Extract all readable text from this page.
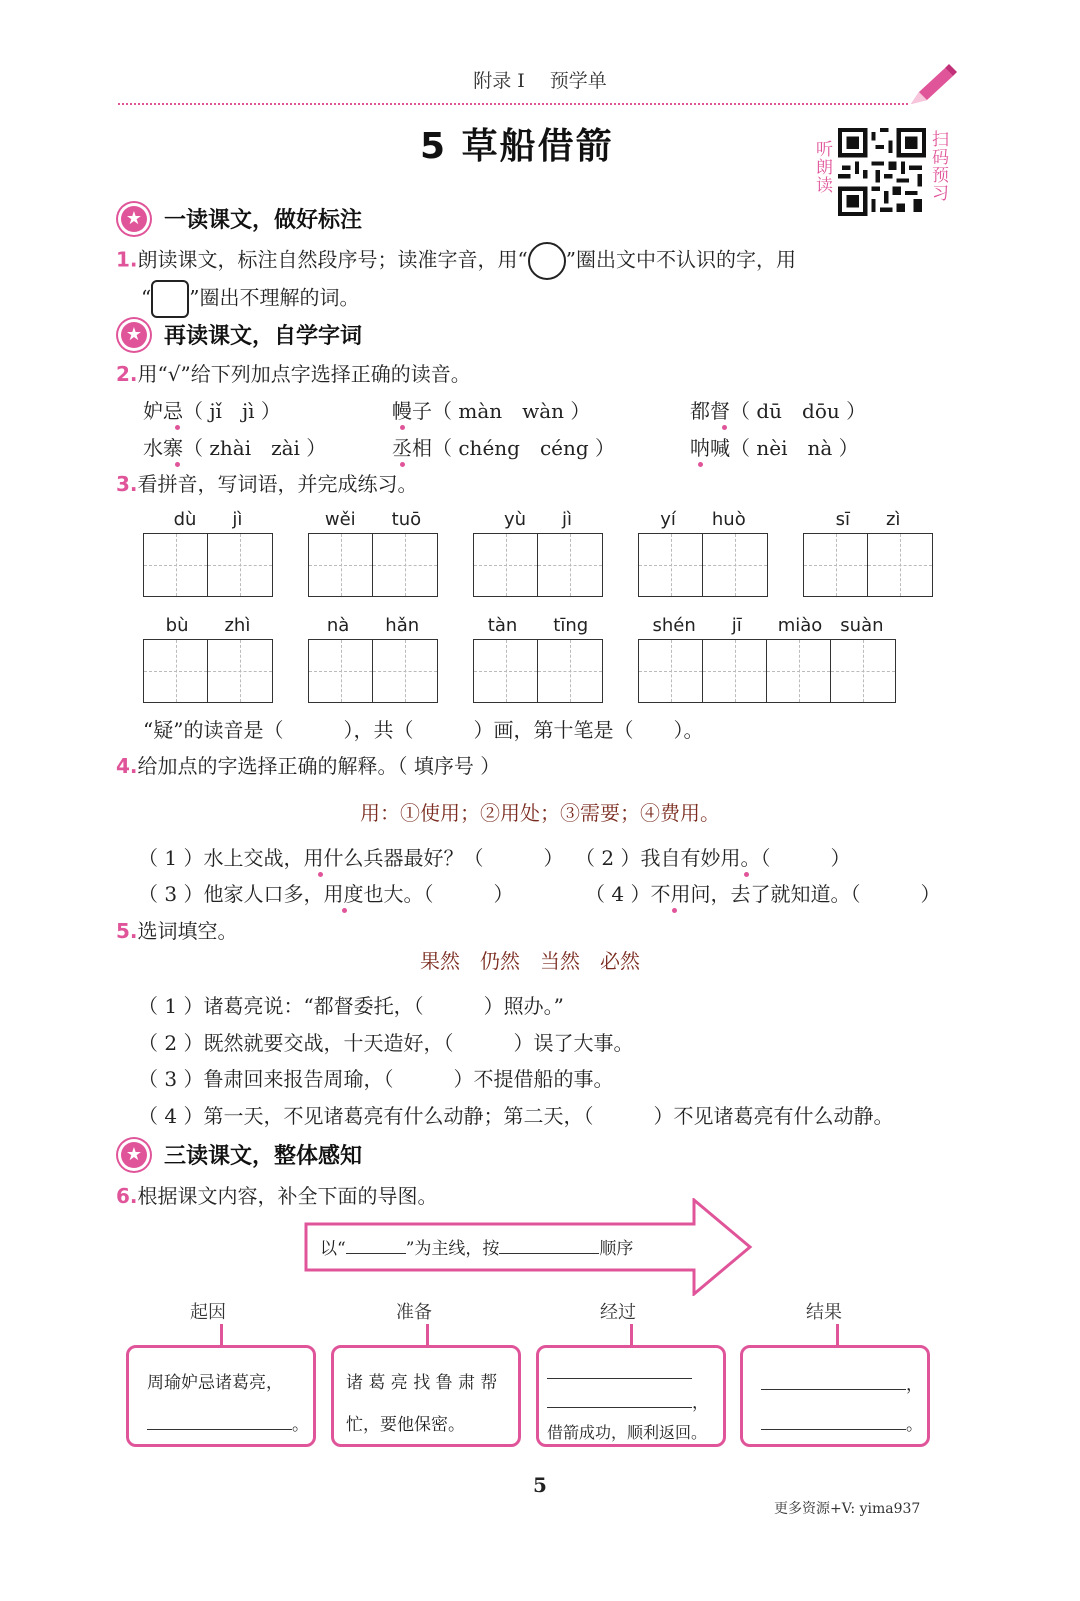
附录 I　 预学单
5 草船借箭	听朗读	扫码预习
★ 一读课文，做好标注
1.朗读课文，标注自然段序号；读准字音，用“○”圈出文中不认识的字，用
“ ”圈出不理解的词。
★ 再读课文，自学字词
2.用“√”给下列加点字选择正确的读音。
妒忌（ jǐ　jì ）	幔子（ màn　wàn ）	都督（ dū　dōu ）
水寨（ zhài　zài ）	丞相（ chéng　céng ）	呐喊（ nèi　nà ）
3.看拼音，写词语，并完成练习。
dù　　jì	wěi　　tuō	yù　　jì	yí　　huò	sī　　zì
bù　　zhì	nà　　hǎn	tàn　　tīng	shén　　jī　　miào　suàn
“疑”的读音是（　　　），共（　　　）画，第十笔是（　　）。
4.给加点的字选择正确的解释。（ 填序号 ）
用：①使用；②用处；③需要；④费用。
（ 1 ）水上交战，用什么兵器最好？（　　　） （ 2 ）我自有妙用。（　　　）
（ 3 ）他家人口多，用度也大。（　　　）	（ 4 ）不用问，去了就知道。（　　　）
5.选词填空。
果然　仍然　当然　必然
（ 1 ）诸葛亮说：“都督委托，（　　　）照办。”
（ 2 ）既然就要交战，十天造好，（　　　）误了大事。
（ 3 ）鲁肃回来报告周瑜，（　　　）不提借船的事。
（ 4 ）第一天，不见诸葛亮有什么动静；第二天，（　　　）不见诸葛亮有什么动静。
★ 三读课文，整体感知
6.根据课文内容，补全下面的导图。
以“	”为主线，按	顺序
起因	准备	经过	结果
周瑜妒忌诸葛亮，
。
诸 葛 亮 找 鲁 肃 帮
忙，要他保密。
，
借箭成功，顺利返回。
，
。
5
更多资源+V: yima937
